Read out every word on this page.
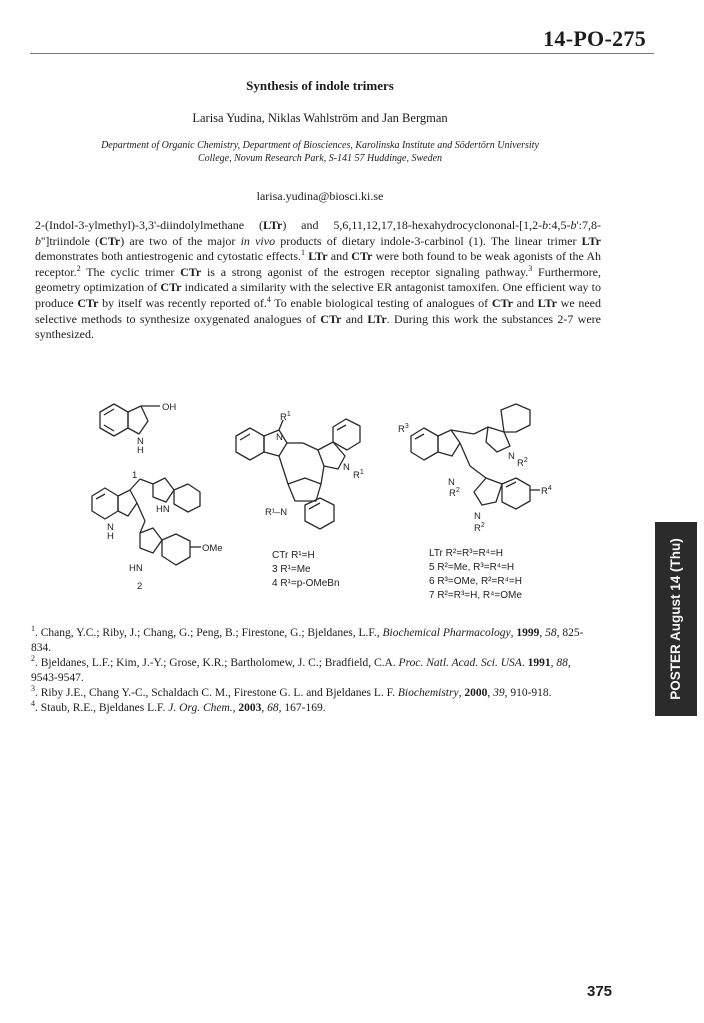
14-PO-275
Synthesis of indole trimers
Larisa Yudina, Niklas Wahlström and Jan Bergman
Department of Organic Chemistry, Department of Biosciences, Karolinska Institute and Södertörn University
College, Novum Research Park, S-141 57 Huddinge, Sweden
larisa.yudina@biosci.ki.se
2-(Indol-3-ylmethyl)-3,3'-diindolylmethane (LTr) and 5,6,11,12,17,18-hexahydrocyclononal-[1,2-b:4,5-b':7,8-b'']triindole (CTr) are two of the major in vivo products of dietary indole-3-carbinol (1). The linear trimer LTr demonstrates both antiestrogenic and cytostatic effects.$^1$ LTr and CTr were both found to be weak agonists of the Ah receptor.$^2$ The cyclic trimer CTr is a strong agonist of the estrogen receptor signaling pathway.$^3$ Furthermore, geometry optimization of CTr indicated a similarity with the selective ER antagonist tamoxifen. One efficient way to produce CTr by itself was recently reported of.$^4$ To enable biological testing of analogues of CTr and LTr we need selective methods to synthesize oxygenated analogues of CTr and LTr. During this work the substances 2-7 were synthesized.
OH
N
H
1
HN
N
H
OMe
HN
2
$R^1$
N
N
$R^1$
R¹–N
$R^3$
N
$R^2$
N
$R^2$	$R^4$
N
$R^2$
CTr R¹=H
3 R¹=Me
4 R¹=p-OMeBn
LTr R²=R³=R⁴=H
5 R²=Me, R³=R⁴=H
6 R³=OMe, R²=R⁴=H
7 R²=R³=H, R⁴=OMe

$^1$. Chang, Y.C.; Riby, J.; Chang, G.; Peng, B.; Firestone, G.; Bjeldanes, L.F., Biochemical Pharmacology, 1999, 58, 825-834.

$^2$. Bjeldanes, L.F.; Kim, J.-Y.; Grose, K.R.; Bartholomew, J. C.; Bradfield, C.A. Proc. Natl. Acad. Sci. USA. 1991, 88, 9543-9547.

$^3$. Riby J.E., Chang Y.-C., Schaldach C. M., Firestone G. L. and Bjeldanes L. F. Biochemistry, 2000, 39, 910-918.

$^4$. Staub, R.E., Bjeldanes L.F. J. Org. Chem., 2003, 68, 167-169.

POSTER August 14 (Thu)
375
